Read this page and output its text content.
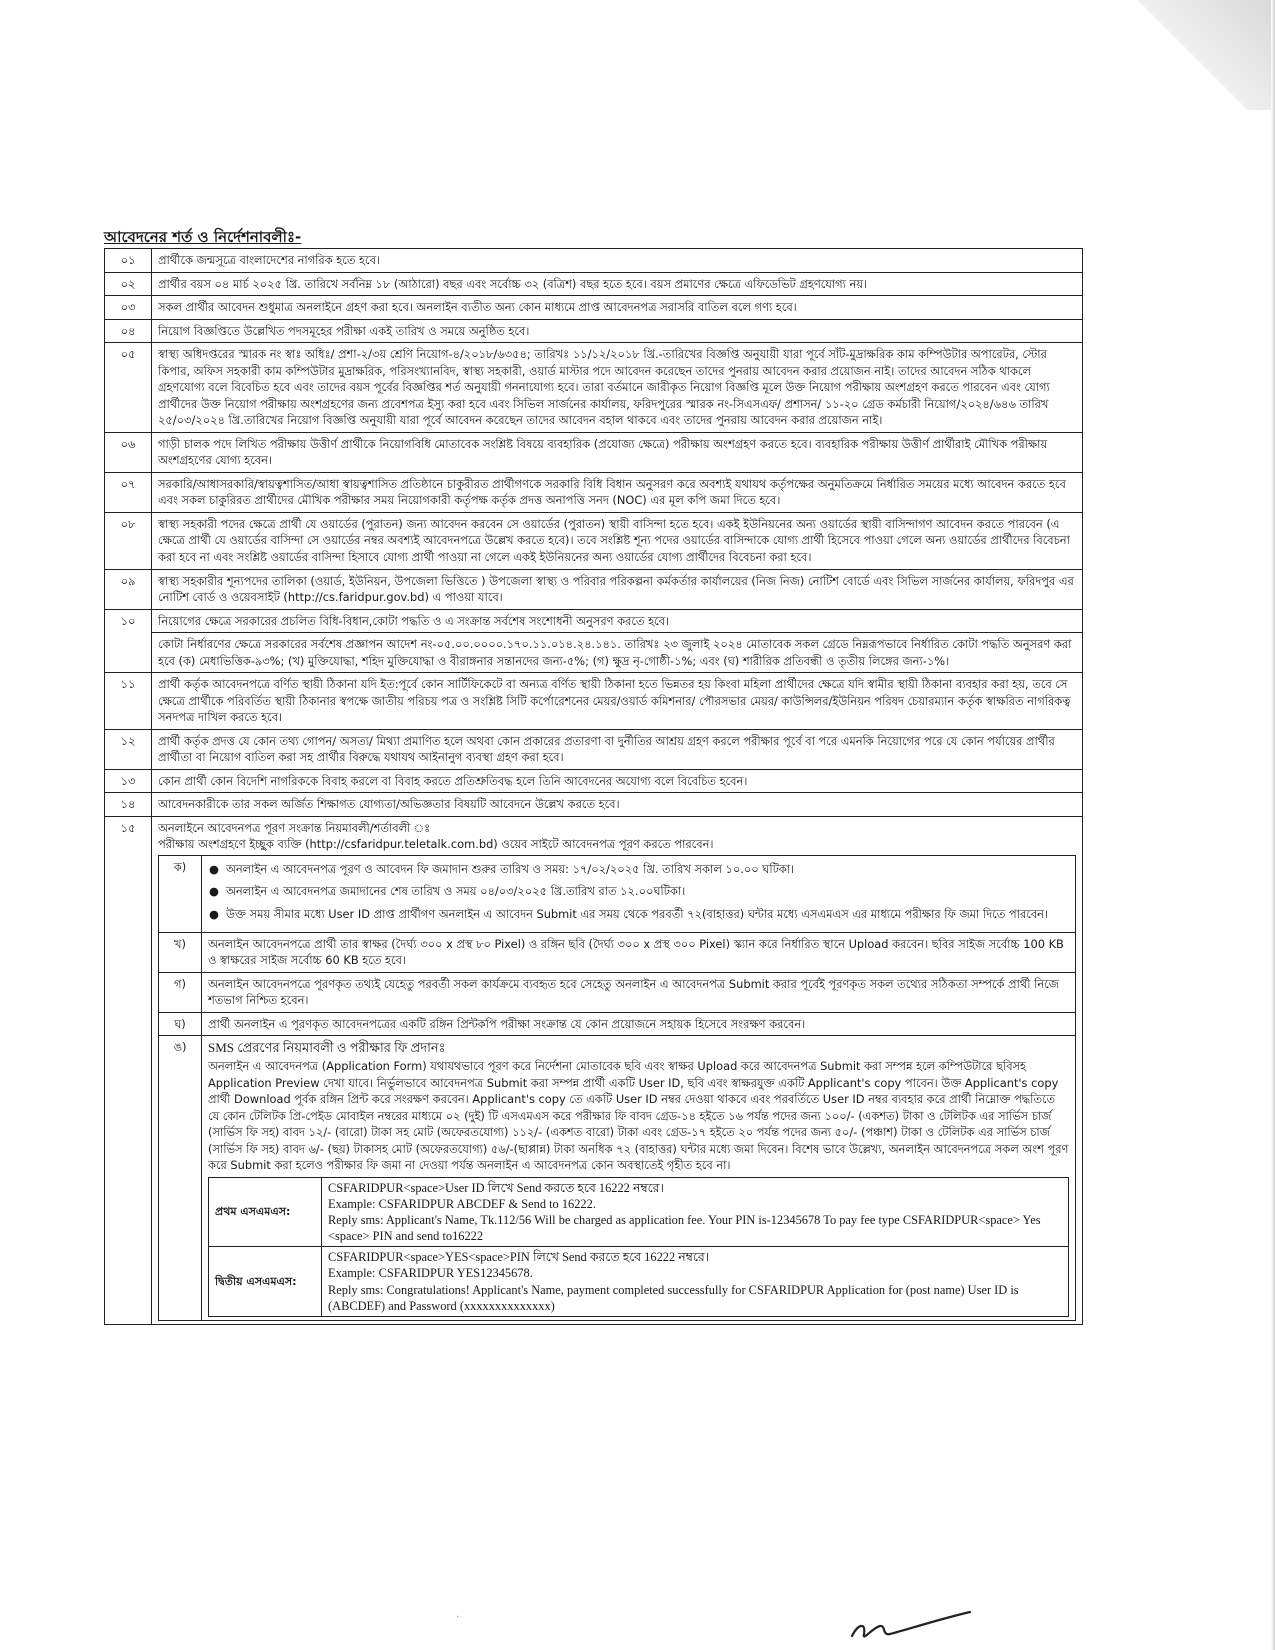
আবেদনের শর্ত ও নির্দেশনাবলীঃ-
০১	প্রার্থীকে জন্মসূত্রে বাংলাদেশের নাগরিক হতে হবে।
০২	প্রার্থীর বয়স ০৪ মার্চ ২০২৫ খ্রি. তারিখে সর্বনিম্ন ১৮ (আঠারো) বছর এবং সর্বোচ্চ ৩২ (বত্রিশ) বছর হতে হবে। বয়স প্রমাণের ক্ষেত্রে এফিডেভিট গ্রহণযোগ্য নয়।
০৩	সকল প্রার্থীর আবেদন শুধুমাত্র অনলাইনে গ্রহণ করা হবে। অনলাইন ব্যতীত অন্য কোন মাধ্যমে প্রাপ্ত আবেদনপত্র সরাসরি বাতিল বলে গণ্য হবে।
০৪	নিয়োগ বিজ্ঞপ্তিতে উল্লেখিত পদসমূহের পরীক্ষা একই তারিখ ও সময়ে অনুষ্ঠিত হবে।
০৫	স্বাস্থ্য অধিদপ্তরের স্মারক নং স্বাঃ অধিঃ/ প্রশা-২/৩য় শ্রেণি নিয়োগ-৪/২০১৮/৬৩৫৪; তারিখঃ ১১/১২/২০১৮ খ্রি.-তারিখের বিজ্ঞপ্তি অনুযায়ী যারা পূর্বে সাঁট-মুদ্রাক্ষরিক কাম কম্পিউটার অপারেটর, স্টোর কিপার, অফিস সহকারী কাম কম্পিউটার মুদ্রাক্ষরিক, পরিসংখ্যানবিদ, স্বাস্থ্য সহকারী, ওয়ার্ড মাস্টার পদে আবেদন করেছেন তাদের পুনরায় আবেদন করার প্রয়োজন নাই। তাদের আবেদন সঠিক থাকলে গ্রহণযোগ্য বলে বিবেচিত হবে এবং তাদের বয়স পূর্বের বিজ্ঞপ্তির শর্ত অনুযায়ী গননাযোগ্য হবে। তারা বর্তমানে জারীকৃত নিয়োগ বিজ্ঞপ্তি মূলে উক্ত নিয়োগ পরীক্ষায় অংশগ্রহণ করতে পারবেন এবং যোগ্য প্রার্থীদের উক্ত নিয়োগ পরীক্ষায় অংশগ্রহণের জন্য প্রবেশপত্র ইস্যু করা হবে এবং সিভিল সার্জনের কার্যালয়, ফরিদপুরের স্মারক নং-সিএসএফ/ প্রশাসন/ ১১-২০ গ্রেড কর্মচারী নিয়োগ/২০২৪/৬৪৬ তারিখ ২৫/০৩/২০২৪ খ্রি.তারিখের নিয়োগ বিজ্ঞপ্তি অনুযায়ী যারা পূর্বে আবেদন করেছেন তাদের আবেদন বহাল থাকবে এবং তাদের পুনরায় আবেদন করার প্রয়োজন নাই।
০৬	গাড়ী চালক পদে লিখিত পরীক্ষায় উত্তীর্ণ প্রার্থীকে নিয়োগবিধি মোতাবেক সংশ্লিষ্ট বিষয়ে ব্যবহারিক (প্রযোজ্য ক্ষেত্রে) পরীক্ষায় অংশগ্রহণ করতে হবে। ব্যবহারিক পরীক্ষায় উত্তীর্ণ প্রার্থীরাই মৌখিক পরীক্ষায় অংশগ্রহণের যোগ্য হবেন।
০৭	সরকারি/আধাসরকারি/স্বায়ত্বশাসিত/আধা স্বায়ত্বশাসিত প্রতিষ্ঠানে চাকুরীরত প্রার্থীগণকে সরকারি বিধি বিধান অনুসরণ করে অবশ্যই যথাযথ কর্তৃপক্ষের অনুমতিক্রমে নির্ধারিত সময়ের মধ্যে আবেদন করতে হবে এবং সকল চাকুরিরত প্রার্থীদের মৌখিক পরীক্ষার সময় নিয়োগকারী কর্তৃপক্ষ কর্তৃক প্রদত্ত অনাপত্তি সনদ (NOC) এর মূল কপি জমা দিতে হবে।
০৮	স্বাস্থ্য সহকারী পদের ক্ষেত্রে প্রার্থী যে ওয়ার্ডের (পুরাতন) জন্য আবেদন করবেন সে ওয়ার্ডের (পুরাতন) স্থায়ী বাসিন্দা হতে হবে। একই ইউনিয়নের অন্য ওয়ার্ডের স্থায়ী বাসিন্দাগণ আবেদন করতে পারবেন (এ ক্ষেত্রে প্রার্থী যে ওয়ার্ডের বাসিন্দা সে ওয়ার্ডের নম্বর অবশ্যই আবেদনপত্রে উল্লেখ করতে হবে)। তবে সংশ্লিষ্ট শূন্য পদের ওয়ার্ডের বাসিন্দাকে যোগ্য প্রার্থী হিসেবে পাওয়া গেলে অন্য ওয়ার্ডের প্রার্থীদের বিবেচনা করা হবে না এবং সংশ্লিষ্ট ওয়ার্ডের বাসিন্দা হিসাবে যোগ্য প্রার্থী পাওয়া না গেলে একই ইউনিয়নের অন্য ওয়ার্ডের যোগ্য প্রার্থীদের বিবেচনা করা হবে।
০৯	স্বাস্থ্য সহকারীর শূন্যপদের তালিকা (ওয়ার্ড, ইউনিয়ন, উপজেলা ভিত্তিতে ) উপজেলা স্বাস্থ্য ও পরিবার পরিকল্পনা কর্মকর্তার কার্যালয়ের (নিজ নিজ) নোটিশ বোর্ডে এবং সিভিল সার্জনের কার্যালয়, ফরিদপুর এর নোটিশ বোর্ড ও ওয়েবসাইট (http://cs.faridpur.gov.bd) এ পাওয়া যাবে।
১০	নিয়োগের ক্ষেত্রে সরকারের প্রচলিত বিধি-বিধান,কোটা পদ্ধতি ও এ সংক্রান্ত সর্বশেষ সংশোধনী অনুসরণ করতে হবে।
কোটা নির্ধারণের ক্ষেত্রে সরকারের সর্বশেষ প্রজ্ঞাপন আদেশ নং-০৫.০০.০০০০.১৭০.১১.০১৪.২৪.১৪১. তারিখঃ ২৩ জুলাই ২০২৪ মোতাবেক সকল গ্রেডে নিম্নরূপভাবে নির্ধারিত কোটা পদ্ধতি অনুসরণ করা হবে (ক) মেধাভিত্তিক-৯৩%; (খ) মুক্তিযোদ্ধা, শহিদ মুক্তিযোদ্ধা ও বীরাঙ্গনার সন্তানদের জন্য-৫%; (গ) ক্ষুদ্র নৃ-গোষ্ঠী-১%; এবং (ঘ) শারীরিক প্রতিবন্ধী ও তৃতীয় লিঙ্গের জন্য-১%।

১১	প্রার্থী কর্তৃক আবেদনপত্রে বর্ণিত স্থায়ী ঠিকানা যদি ইত:পূর্বে কোন সার্টিফিকেটে বা অন্যত্র বর্ণিত স্থায়ী ঠিকানা হতে ভিন্নতর হয় কিংবা মহিলা প্রার্থীদের ক্ষেত্রে যদি স্বামীর স্থায়ী ঠিকানা ব্যবহার করা হয়, তবে সে ক্ষেত্রে প্রার্থীকে পরিবর্তিত স্থায়ী ঠিকানার স্বপক্ষে জাতীয় পরিচয় পত্র ও সংশ্লিষ্ট সিটি কর্পোরেশনের মেয়র/ওয়ার্ড কমিশনার/ পৌরসভার মেয়র/ কাউন্সিলর/ইউনিয়ন পরিষদ চেয়ারম্যান কর্তৃক স্বাক্ষরিত নাগরিকত্ব সনদপত্র দাখিল করতে হবে।
১২	প্রার্থী কর্তৃক প্রদত্ত যে কোন তথ্য গোপন/ অসত্য/ মিথ্যা প্রমাণিত হলে অথবা কোন প্রকারের প্রতারণা বা দুর্নীতির আশ্রয় গ্রহণ করলে পরীক্ষার পূর্বে বা পরে এমনকি নিয়োগের পরে যে কোন পর্যায়ের প্রার্থীর প্রার্থীতা বা নিয়োগ বাতিল করা সহ প্রার্থীর বিরুদ্ধে যথাযথ আইনানুগ ব্যবস্থা গ্রহণ করা হবে।
১৩	কোন প্রার্থী কোন বিদেশি নাগরিককে বিবাহ করলে বা বিবাহ করতে প্রতিশ্রুতিবদ্ধ হলে তিনি আবেদনের অযোগ্য বলে বিবেচিত হবেন।
১৪	আবেদনকারীকে তার সকল অর্জিত শিক্ষাগত যোগ্যতা/অভিজ্ঞতার বিষয়টি আবেদনে উল্লেখ করতে হবে।
১৫	অনলাইনে আবেদনপত্র পূরণ সংক্রান্ত নিয়মাবলী/শর্তাবলী ঃ
পরীক্ষায় অংশগ্রহণে ইচ্ছুক ব্যক্তি (http://csfaridpur.teletalk.com.bd) ওয়েব সাইটে আবেদনপত্র পূরণ করতে পারবেন।
ক)	● অনলাইন এ আবেদনপত্র পূরণ ও আবেদন ফি জমাদান শুরুর তারিখ ও সময়: ১৭/০২/২০২৫ খ্রি. তারিখ সকাল ১০.০০ ঘটিকা।
● অনলাইন এ আবেদনপত্র জমাদানের শেষ তারিখ ও সময় ০৪/০৩/২০২৫ খ্রি.তারিখ রাত ১২.০০ঘটিকা।
● উক্ত সময় সীমার মধ্যে User ID প্রাপ্ত প্রার্থীগণ অনলাইন এ আবেদন Submit এর সময় থেকে পরবর্তী ৭২(বাহাত্তর) ঘন্টার মধ্যে এসএমএস এর মাধ্যমে পরীক্ষার ফি জমা দিতে পারবেন।

খ)	অনলাইন আবেদনপত্রে প্রার্থী তার স্বাক্ষর (দৈর্ঘ্য ৩০০ x প্রস্থ ৮০ Pixel) ও রঙ্গিন ছবি (দৈর্ঘ্য ৩০০ x প্রস্থ ৩০০ Pixel) স্ক্যান করে নির্ধারিত স্থানে Upload করবেন। ছবির সাইজ সর্বোচ্চ 100 KB ও স্বাক্ষরের সাইজ সর্বোচ্চ 60 KB হতে হবে।
গ)	অনলাইন আবেদনপত্রে পূরণকৃত তথ্যই যেহেতু পরবর্তী সকল কার্যক্রমে ব্যবহৃত হবে সেহেতু অনলাইন এ আবেদনপত্র Submit করার পূর্বেই পূরণকৃত সকল তথ্যের সঠিকতা সম্পর্কে প্রার্থী নিজে শতভাগ নিশ্চিত হবেন।
ঘ)	প্রার্থী অনলাইন এ পূরণকৃত আবেদনপত্রের একটি রঙ্গিন প্রিন্টকপি পরীক্ষা সংক্রান্ত যে কোন প্রয়োজনে সহায়ক হিসেবে সংরক্ষণ করবেন।
ঙ)	SMS প্রেরণের নিয়মাবলী ও পরীক্ষার ফি প্রদানঃ
অনলাইন এ আবেদনপত্র (Application Form) যথাযথভাবে পূরণ করে নির্দেশনা মোতাবেক ছবি এবং স্বাক্ষর Upload করে আবেদনপত্র Submit করা সম্পন্ন হলে কম্পিউটারে ছবিসহ Application Preview দেখা যাবে। নির্ভুলভাবে আবেদনপত্র Submit করা সম্পন্ন প্রার্থী একটি User ID, ছবি এবং স্বাক্ষরযুক্ত একটি Applicant's copy পাবেন। উক্ত Applicant's copy প্রার্থী Download পূর্বক রঙ্গিন প্রিন্ট করে সংরক্ষণ করবেন। Applicant's copy তে একটি User ID নম্বর দেওয়া থাকবে এবং পরবর্তিতে User ID নম্বর ব্যবহার করে প্রার্থী নিম্নোক্ত পদ্ধতিতে যে কোন টেলিটক প্রি-পেইড মোবাইল নম্বরের মাধ্যমে ০২ (দুই) টি এসএমএস করে পরীক্ষার ফি বাবদ গ্রেড-১৪ হইতে ১৬ পর্যন্ত পদের জন্য ১০০/- (একশত) টাকা ও টেলিটক এর সার্ভিস চার্জ (সার্ভিস ফি সহ) বাবদ ১২/- (বারো) টাকা সহ মোট (অফেরতযোগ্য) ১১২/- (একশত বারো) টাকা এবং গ্রেড-১৭ হইতে ২০ পর্যন্ত পদের জন্য ৫০/- (পঞ্চাশ) টাকা ও টেলিটক এর সার্ভিস চার্জ (সার্ভিস ফি সহ) বাবদ ৬/- (ছয়) টাকাসহ মোট (অফেরতযোগ্য) ৫৬/-(ছাপ্পান্ন) টাকা অনধিক ৭২ (বাহাত্তর) ঘন্টার মধ্যে জমা দিবেন। বিশেষ ভাবে উল্লেখ্য, অনলাইন আবেদনপত্রে সকল অংশ পূরণ করে Submit করা হলেও পরীক্ষার ফি জমা না দেওয়া পর্যন্ত অনলাইন এ আবেদনপত্র কোন অবস্থাতেই গৃহীত হবে না।
প্রথম এসএমএস:	
CSFARIDPUR<space>User ID লিখে Send করতে হবে 16222 নম্বরে।
Example: CSFARIDPUR ABCDEF & Send to 16222.
Reply sms: Applicant's Name, Tk.112/56 Will be charged as application fee. Your PIN is-12345678 To pay fee type CSFARIDPUR<space> Yes <space> PIN and send to16222

দ্বিতীয় এসএমএস:	
CSFARIDPUR<space>YES<space>PIN লিখে Send করতে হবে 16222 নম্বরে।
Example: CSFARIDPUR YES12345678.
Reply sms: Congratulations! Applicant's Name, payment completed successfully for CSFARIDPUR Application for (post name) User ID is (ABCDEF) and Password (xxxxxxxxxxxxxx)
·
